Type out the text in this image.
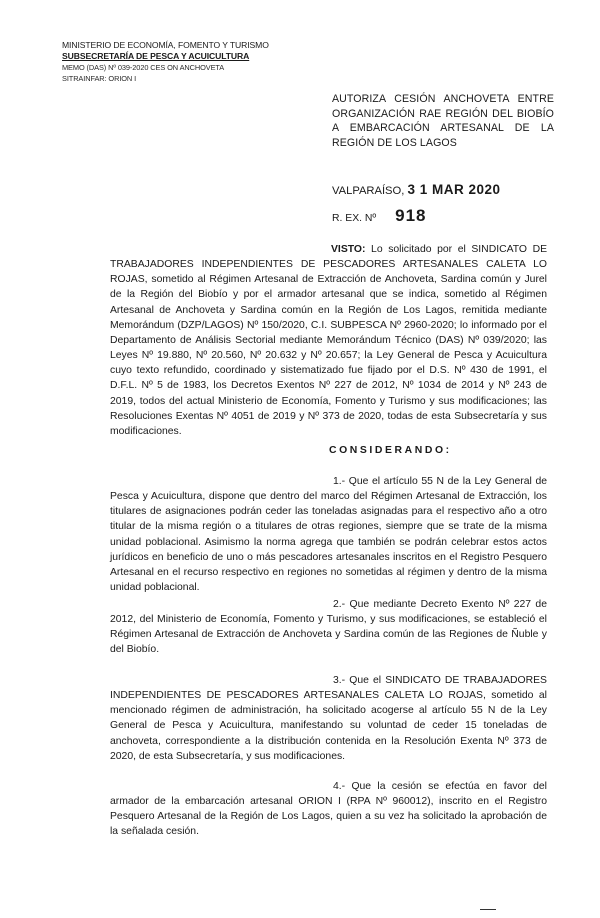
MINISTERIO DE ECONOMÍA, FOMENTO Y TURISMO
SUBSECRETARÍA DE PESCA Y ACUICULTURA
MEMO (DAS) Nº 039-2020 CES ON ANCHOVETA
SITRAINFAR: ORION I
AUTORIZA CESIÓN ANCHOVETA ENTRE ORGANIZACIÓN RAE REGIÓN DEL BIOBÍO A EMBARCACIÓN ARTESANAL DE LA REGIÓN DE LOS LAGOS
VALPARAÍSO, 3 1 MAR 2020
R. EX. Nº 918
VISTO: Lo solicitado por el SINDICATO DE TRABAJADORES INDEPENDIENTES DE PESCADORES ARTESANALES CALETA LO ROJAS, sometido al Régimen Artesanal de Extracción de Anchoveta, Sardina común y Jurel de la Región del Biobío y por el armador artesanal que se indica, sometido al Régimen Artesanal de Anchoveta y Sardina común en la Región de Los Lagos, remitida mediante Memorándum (DZP/LAGOS) Nº 150/2020, C.I. SUBPESCA Nº 2960-2020; lo informado por el Departamento de Análisis Sectorial mediante Memorándum Técnico (DAS) Nº 039/2020; las Leyes Nº 19.880, Nº 20.560, Nº 20.632 y Nº 20.657; la Ley General de Pesca y Acuicultura cuyo texto refundido, coordinado y sistematizado fue fijado por el D.S. Nº 430 de 1991, el D.F.L. Nº 5 de 1983, los Decretos Exentos Nº 227 de 2012, Nº 1034 de 2014 y Nº 243 de 2019, todos del actual Ministerio de Economía, Fomento y Turismo y sus modificaciones; las Resoluciones Exentas Nº 4051 de 2019 y Nº 373 de 2020, todas de esta Subsecretaría y sus modificaciones.
CONSIDERANDO:
1.- Que el artículo 55 N de la Ley General de Pesca y Acuicultura, dispone que dentro del marco del Régimen Artesanal de Extracción, los titulares de asignaciones podrán ceder las toneladas asignadas para el respectivo año a otro titular de la misma región o a titulares de otras regiones, siempre que se trate de la misma unidad poblacional. Asimismo la norma agrega que también se podrán celebrar estos actos jurídicos en beneficio de uno o más pescadores artesanales inscritos en el Registro Pesquero Artesanal en el recurso respectivo en regiones no sometidas al régimen y dentro de la misma unidad poblacional.
2.- Que mediante Decreto Exento Nº 227 de 2012, del Ministerio de Economía, Fomento y Turismo, y sus modificaciones, se estableció el Régimen Artesanal de Extracción de Anchoveta y Sardina común de las Regiones de Ñuble y del Biobío.
3.- Que el SINDICATO DE TRABAJADORES INDEPENDIENTES DE PESCADORES ARTESANALES CALETA LO ROJAS, sometido al mencionado régimen de administración, ha solicitado acogerse al artículo 55 N de la Ley General de Pesca y Acuicultura, manifestando su voluntad de ceder 15 toneladas de anchoveta, correspondiente a la distribución contenida en la Resolución Exenta Nº 373 de 2020, de esta Subsecretaría, y sus modificaciones.
4.- Que la cesión se efectúa en favor del armador de la embarcación artesanal ORION I (RPA Nº 960012), inscrito en el Registro Pesquero Artesanal de la Región de Los Lagos, quien a su vez ha solicitado la aprobación de la señalada cesión.
